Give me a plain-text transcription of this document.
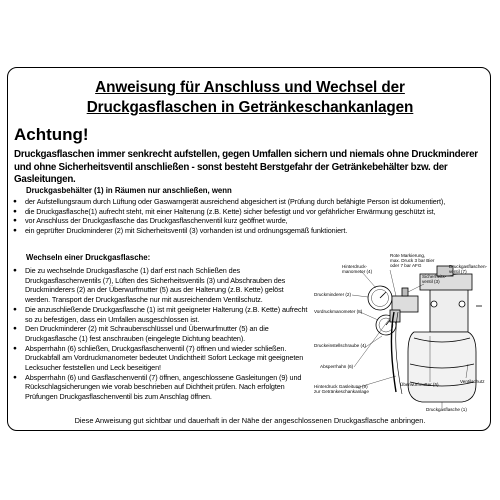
Anweisung für Anschluss und Wechsel der
Druckgasflaschen in Getränkeschankanlagen
Achtung!
Druckgasflaschen immer senkrecht aufstellen, gegen Umfallen sichern und niemals ohne Druckminderer und ohne Sicherheitsventil anschließen - sonst besteht Berstgefahr der Getränkebehälter bzw. der Gasleitungen.
Druckgasbehälter (1) in Räumen nur anschließen, wenn
● der Aufstellungsraum durch Lüftung oder Gaswarngerät ausreichend abgesichert ist (Prüfung durch befähigte Person ist dokumentiert),
● die Druckgasflasche(1) aufrecht steht, mit einer Halterung (z.B. Kette) sicher befestigt und vor gefährlicher Erwärmung geschützt ist,
● vor Anschluss der Druckgasflasche das Druckgasflaschenventil kurz geöffnet wurde,
● ein geprüfter Druckminderer (2) mit Sicherheitsventil (3) vorhanden ist und ordnungsgemäß funktioniert.
Wechseln einer Druckgasflasche:
● Die zu wechselnde Druckgasflasche (1) darf erst nach Schließen des Druckgasflaschenventils (7), Lüften des Sicherheitsventils (3) und Abschrauben des Druckminderers (2) an der Überwurfmutter (5) aus der Halterung (z.B. Kette) gelöst werden. Transport der Druckgasflasche nur mit ausreichendem Ventilschutz.
● Die anzuschließende Druckgasflasche (1) ist mit geeigneter Halterung (z.B. Kette) aufrecht so zu befestigen, dass ein Umfallen ausgeschlossen ist.
● Den Druckminderer (2) mit Schraubenschlüssel und Überwurfmutter (5) an die Druckgasflasche (1) fest anschrauben (eingelegte Dichtung beachten).
● Absperrhahn (6) schließen, Druckgasflaschenventil (7) öffnen und wieder schließen. Druckabfall am Vordruckmanometer bedeutet Undichtheit! Sofort Leckage mit geeigneten Lecksucher feststellen und Leck beseitigen!
● Absperrhahn (6) und Gasflaschenventil (7) öffnen, angeschlossene Gasleitungen (9) und Rückschlagsicherungen wie vorab beschrieben auf Dichtheit prüfen. Nach erfolgten Prüfungen Druckgasflaschenventil bis zum Anschlag öffnen.
Rote Markierung,
max. Druck 3 bar Bier
oder 7 bar AFG
Hinterdruck-
manometer (4)
Sicherheits-
ventil (3)
Druckgasflaschen-
ventil (7)
Druckminderer (2)
Vordruckmanometer (8)
Druckeinstellschraube (4)
Absperrhahn (6)
Hinterdruck Gasleitung (9)
zur Getränkeschankanlage
Überwurfmutter (5)
Ventilschutz
Druckgasflasche (1)
Diese Anweisung gut sichtbar und dauerhaft in der Nähe der angeschlossenen Druckgasflasche anbringen.
